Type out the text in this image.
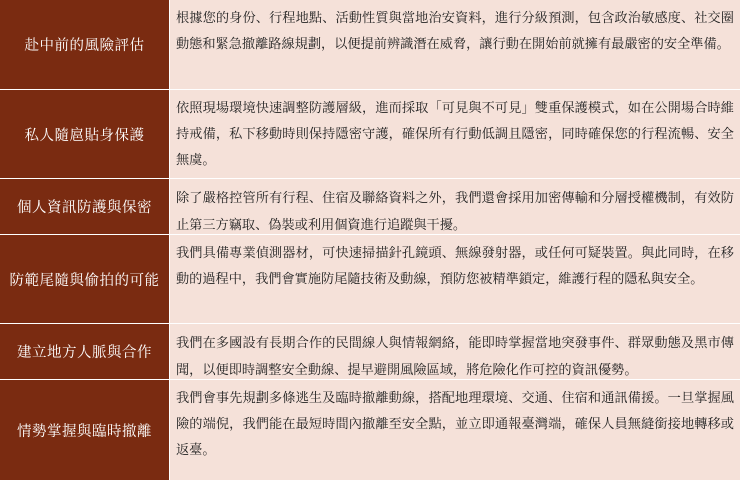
赴中前的風險評估
根據您的身份、行程地點、活動性質與當地治安資料，進行分級預測，包含政治敏感度、社交圈動態和緊急撤離路線規劃，以便提前辨識潛在威脅，讓行動在開始前就擁有最嚴密的安全準備。
私人隨扈貼身保護
依照現場環境快速調整防護層級，進而採取「可見與不可見」雙重保護模式，如在公開場合時維持戒備，私下移動時則保持隱密守護，確保所有行動低調且隱密，同時確保您的行程流暢、安全無虞。
個人資訊防護與保密
除了嚴格控管所有行程、住宿及聯絡資料之外，我們還會採用加密傳輸和分層授權機制，有效防止第三方竊取、偽裝或利用個資進行追蹤與干擾。
防範尾隨與偷拍的可能
我們具備專業偵測器材，可快速掃描針孔鏡頭、無線發射器，或任何可疑裝置。與此同時，在移動的過程中，我們會實施防尾隨技術及動線，預防您被精準鎖定，維護行程的隱私與安全。
建立地方人脈與合作
我們在多國設有長期合作的民間線人與情報網絡，能即時掌握當地突發事件、群眾動態及黑市傳聞，以便即時調整安全動線、提早避開風險區域，將危險化作可控的資訊優勢。
情勢掌握與臨時撤離
我們會事先規劃多條逃生及臨時撤離動線，搭配地理環境、交通、住宿和通訊備援。一旦掌握風險的端倪，我們能在最短時間內撤離至安全點，並立即通報臺灣端，確保人員無縫銜接地轉移或返臺。
